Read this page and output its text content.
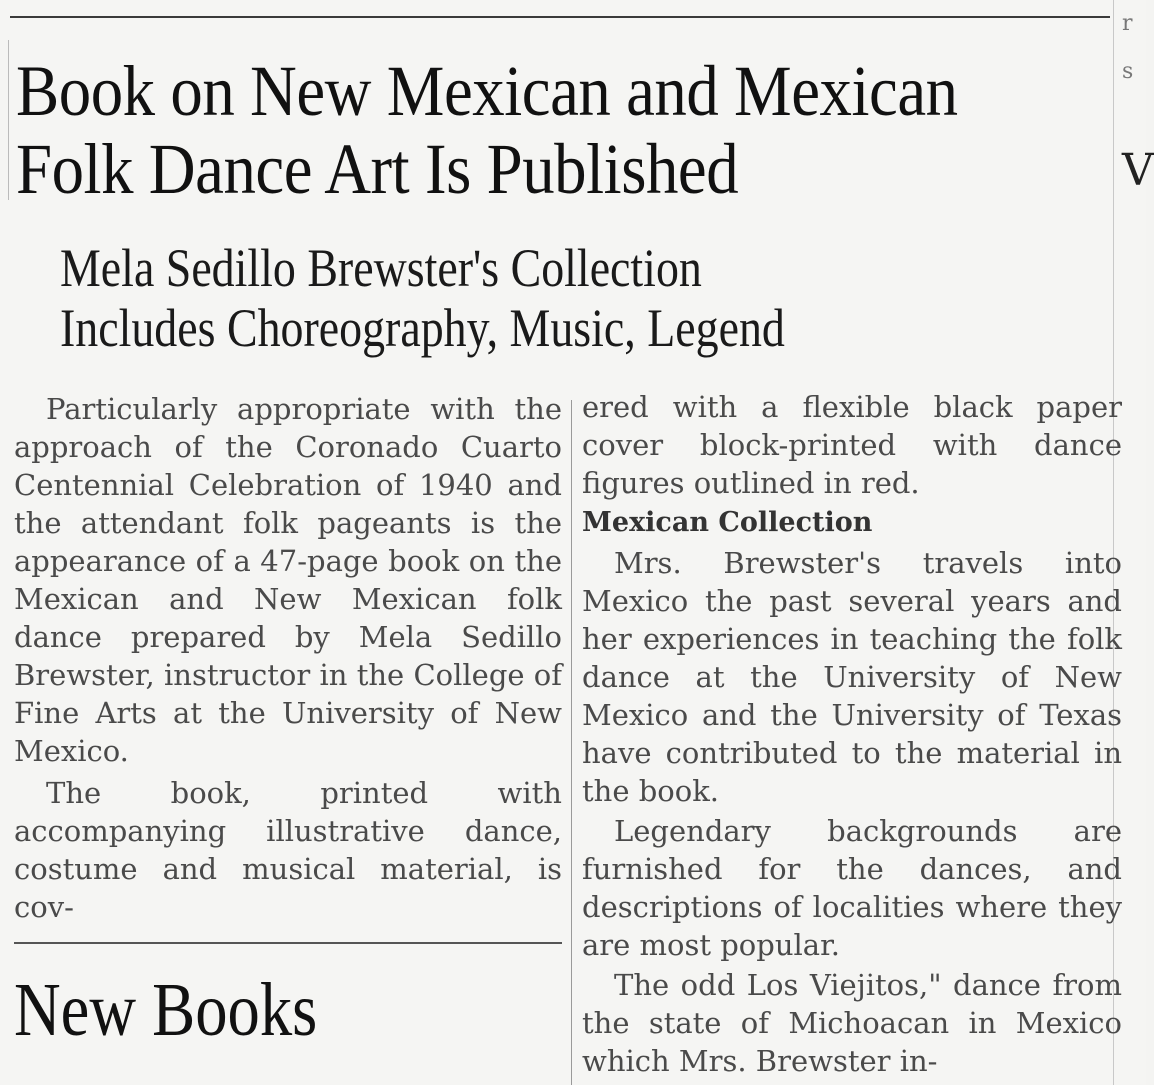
r
s
V
Book on New Mexican and Mexican
Folk Dance Art Is Published
Mela Sedillo Brewster's Collection
Includes Choreography, Music, Legend

Particularly appropriate with the approach of the Coronado Cuarto Centennial Celebration of 1940 and the attendant folk pageants is the appearance of a 47-page book on the Mexican and New Mexican folk dance prepared by Mela Sedillo Brewster, instructor in the College of Fine Arts at the University of New Mexico.

The book, printed with accompanying illustrative dance, costume and musical material, is cov-

ered with a flexible black paper cover block-printed with dance figures outlined in red.

Mexican Collection

Mrs. Brewster's travels into Mexico the past several years and her experiences in teaching the folk dance at the University of New Mexico and the University of Texas have contributed to the material in the book.

Legendary backgrounds are furnished for the dances, and descriptions of localities where they are most popular.

The odd Los Viejitos," dance from the state of Michoacan in Mexico which Mrs. Brewster in-

New Books
